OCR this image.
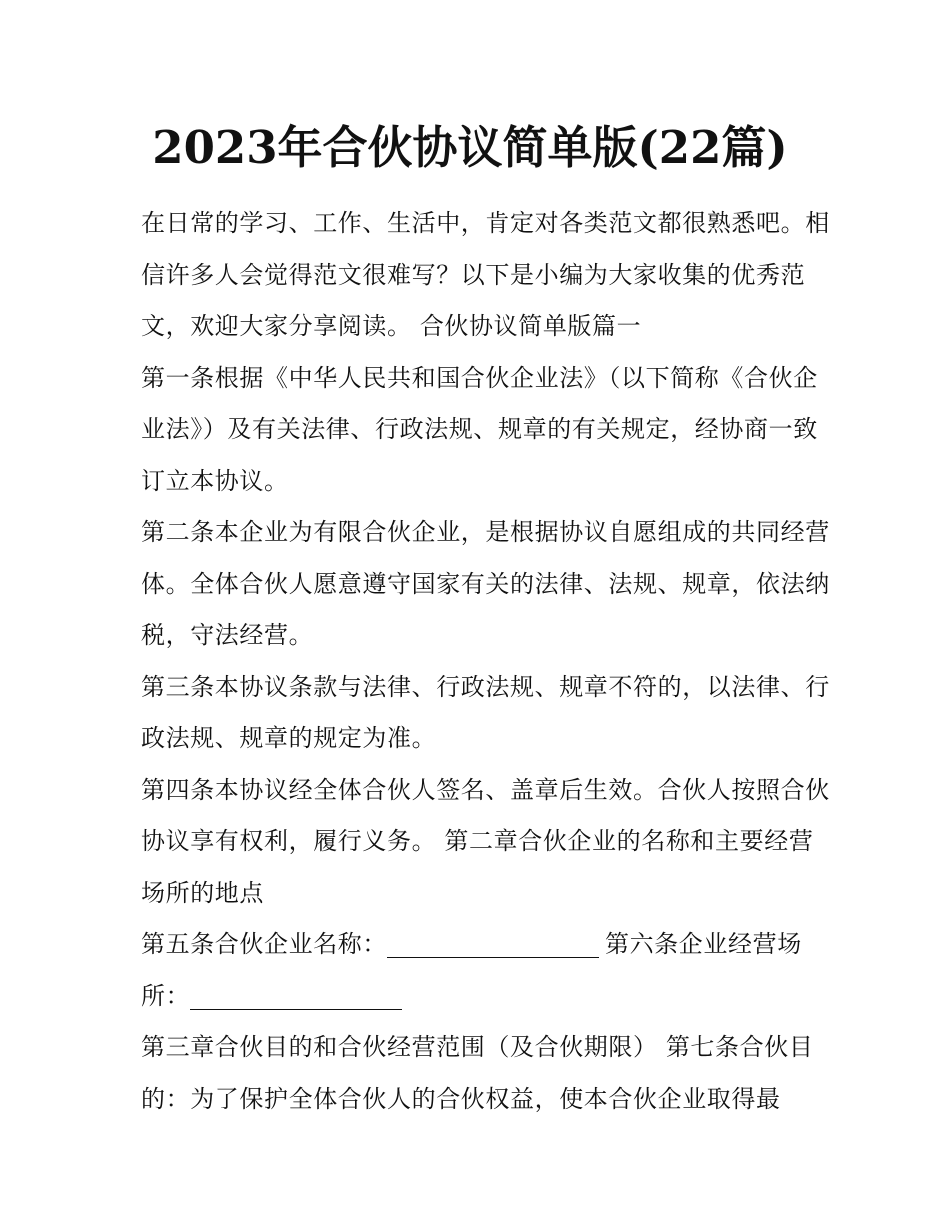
2023年合伙协议简单版(22篇)

在日常的学习、工作、生活中，肯定对各类范文都很熟悉吧。相信许多人会觉得范文很难写？以下是小编为大家收集的优秀范文，欢迎大家分享阅读。 合伙协议简单版篇一

第一条根据《中华人民共和国合伙企业法》（以下简称《合伙企业法》）及有关法律、行政法规、规章的有关规定，经协商一致订立本协议。

第二条本企业为有限合伙企业，是根据协议自愿组成的共同经营体。全体合伙人愿意遵守国家有关的法律、法规、规章，依法纳税，守法经营。

第三条本协议条款与法律、行政法规、规章不符的，以法律、行政法规、规章的规定为准。

第四条本协议经全体合伙人签名、盖章后生效。合伙人按照合伙协议享有权利，履行义务。 第二章合伙企业的名称和主要经营场所的地点

第五条合伙企业名称：	第六条企业经营场所：

第三章合伙目的和合伙经营范围（及合伙期限） 第七条合伙目的：为了保护全体合伙人的合伙权益，使本合伙企业取得最
